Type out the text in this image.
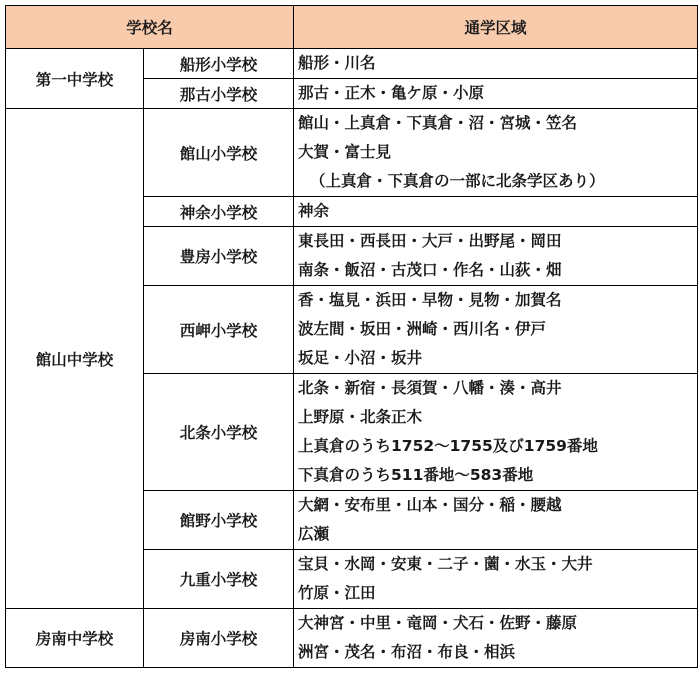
学校名		通学区域
第一中学校	船形小学校	船形・川名

	那古小学校	那古・正木・亀ケ原・小原

館山中学校	館山小学校	館山・上真倉・下真倉・沼・宮城・笠名
大賀・富士見
（上真倉・下真倉の一部に北条学区あり）

	神余小学校	神余

	豊房小学校	東長田・西長田・大戸・出野尾・岡田
南条・飯沼・古茂口・作名・山荻・畑

	西岬小学校	香・塩見・浜田・早物・見物・加賀名
波左間・坂田・洲崎・西川名・伊戸
坂足・小沼・坂井

	北条小学校	北条・新宿・長須賀・八幡・湊・高井
上野原・北条正木
上真倉のうち1752～1755及び1759番地
下真倉のうち511番地～583番地

	館野小学校	大網・安布里・山本・国分・稲・腰越
広瀬

	九重小学校	宝貝・水岡・安東・二子・薗・水玉・大井
竹原・江田

房南中学校	房南小学校	大神宮・中里・竜岡・犬石・佐野・藤原
洲宮・茂名・布沼・布良・相浜
